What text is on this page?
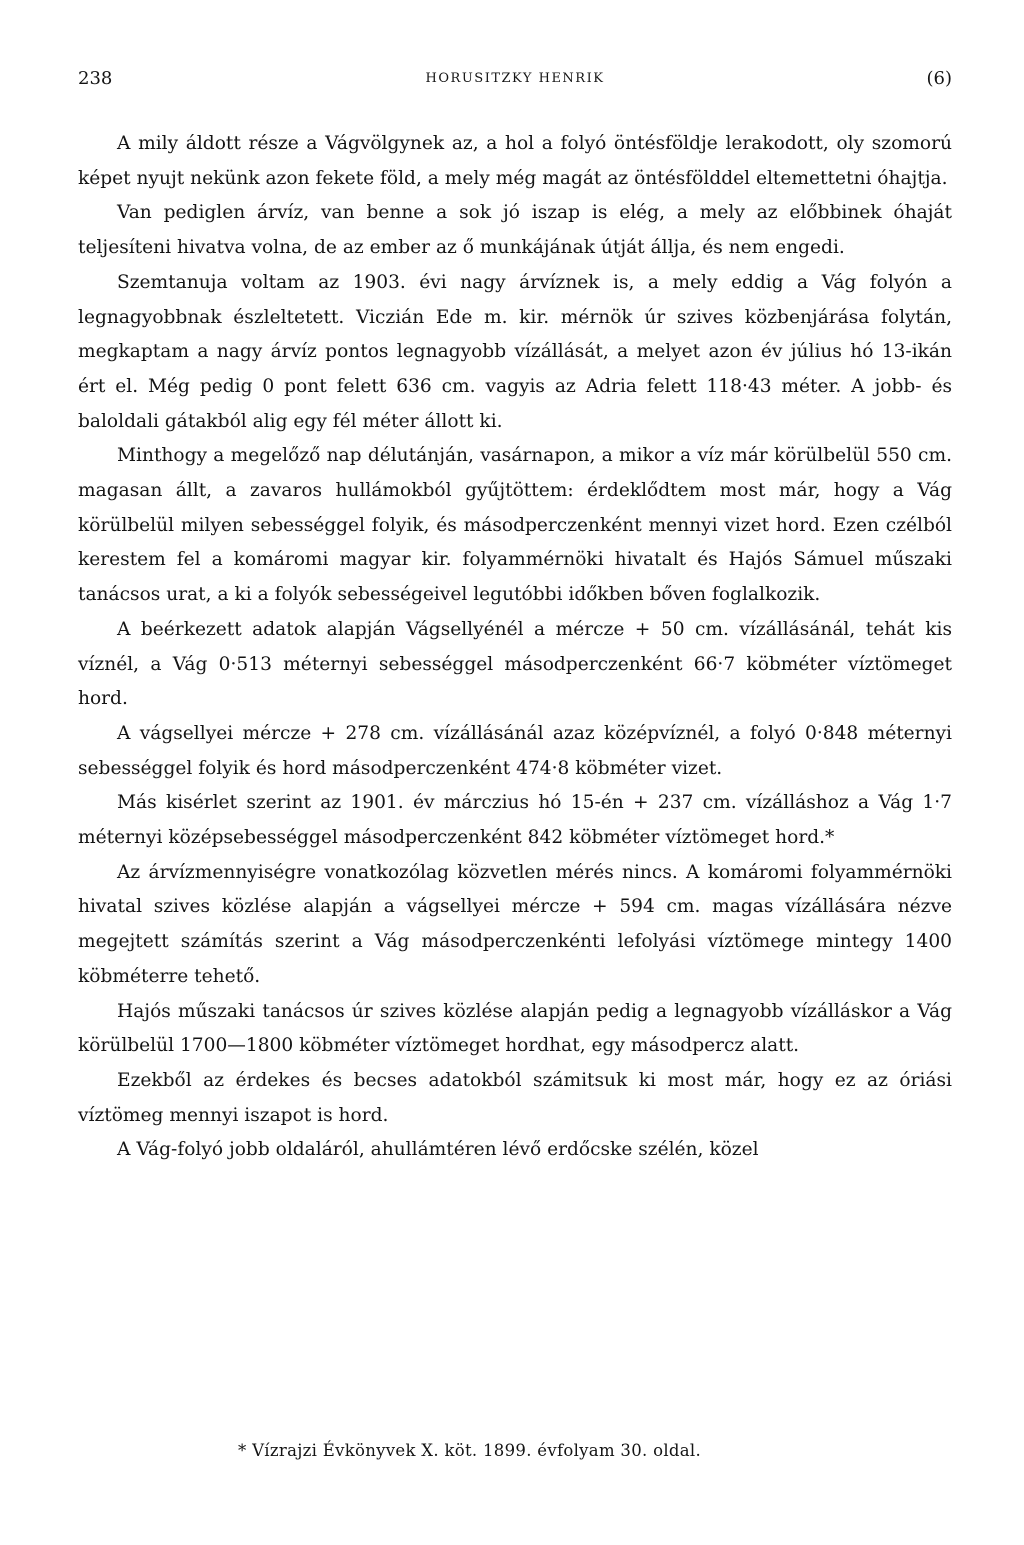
238	HORUSITZKY HENRIK	(6)

A mily áldott része a Vágvölgynek az, a hol a folyó öntésföldje lerakodott, oly szomorú képet nyujt nekünk azon fekete föld, a mely még magát az öntésfölddel eltemettetni óhajtja.

Van pediglen árvíz, van benne a sok jó iszap is elég, a mely az előbbinek óhaját teljesíteni hivatva volna, de az ember az ő munkájának útját állja, és nem engedi.

Szemtanuja voltam az 1903. évi nagy árvíznek is, a mely eddig a Vág folyón a legnagyobbnak észleltetett. Viczián Ede m. kir. mérnök úr szives közbenjárása folytán, megkaptam a nagy árvíz pontos legnagyobb vízállását, a melyet azon év július hó 13-ikán ért el. Még pedig 0 pont felett 636 cm. vagyis az Adria felett 118·43 méter. A jobb- és baloldali gátakból alig egy fél méter állott ki.

Minthogy a megelőző nap délutánján, vasárnapon, a mikor a víz már körülbelül 550 cm. magasan állt, a zavaros hullámokból gyűjtöttem: érdeklődtem most már, hogy a Vág körülbelül milyen sebességgel folyik, és másodperczenként mennyi vizet hord. Ezen czélból kerestem fel a komáromi magyar kir. folyammérnöki hivatalt és Hajós Sámuel műszaki tanácsos urat, a ki a folyók sebességeivel legutóbbi időkben bőven foglalkozik.

A beérkezett adatok alapján Vágsellyénél a mércze + 50 cm. vízállásánál, tehát kis víznél, a Vág 0·513 méternyi sebességgel másodperczenként 66·7 köbméter víztömeget hord.

A vágsellyei mércze + 278 cm. vízállásánál azaz középvíznél, a folyó 0·848 méternyi sebességgel folyik és hord másodperczenként 474·8 köbméter vizet.

Más kisérlet szerint az 1901. év márczius hó 15-én + 237 cm. vízálláshoz a Vág 1·7 méternyi középsebességgel másodperczenként 842 köbméter víztömeget hord.*

Az árvízmennyiségre vonatkozólag közvetlen mérés nincs. A komáromi folyammérnöki hivatal szives közlése alapján a vágsellyei mércze + 594 cm. magas vízállására nézve megejtett számítás szerint a Vág másodperczenkénti lefolyási víztömege mintegy 1400 köbméterre tehető.

Hajós műszaki tanácsos úr szives közlése alapján pedig a legnagyobb vízálláskor a Vág körülbelül 1700—1800 köbméter víztömeget hordhat, egy másodpercz alatt.

Ezekből az érdekes és becses adatokból számitsuk ki most már, hogy ez az óriási víztömeg mennyi iszapot is hord.

A Vág-folyó jobb oldaláról, ahullámtéren lévő erdőcske szélén, közel

* Vízrajzi Évkönyvek X. köt. 1899. évfolyam 30. oldal.
